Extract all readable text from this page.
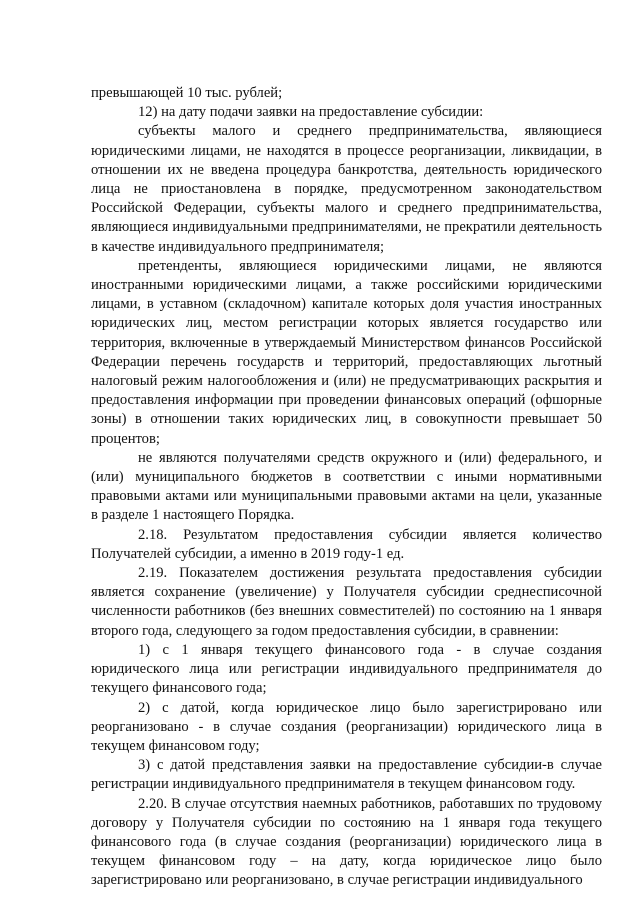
превышающей 10 тыс. рублей;

12) на дату подачи заявки на предоставление субсидии:

субъекты малого и среднего предпринимательства, являющиеся юридическими лицами, не находятся в процессе реорганизации, ликвидации, в отношении их не введена процедура банкротства, деятельность юридического лица не приостановлена в порядке, предусмотренном законодательством Российской Федерации, субъекты малого и среднего предпринимательства, являющиеся индивидуальными предпринимателями, не прекратили деятельность в качестве индивидуального предпринимателя;

претенденты, являющиеся юридическими лицами, не являются иностранными юридическими лицами, а также российскими юридическими лицами, в уставном (складочном) капитале которых доля участия иностранных юридических лиц, местом регистрации которых является государство или территория, включенные в утверждаемый Министерством финансов Российской Федерации перечень государств и территорий, предоставляющих льготный налоговый режим налогообложения и (или) не предусматривающих раскрытия и предоставления информации при проведении финансовых операций (офшорные зоны) в отношении таких юридических лиц, в совокупности превышает 50 процентов;

не являются получателями средств окружного и (или) федерального, и (или) муниципального бюджетов в соответствии с иными нормативными правовыми актами или муниципальными правовыми актами на цели, указанные в разделе 1 настоящего Порядка.

2.18. Результатом предоставления субсидии является количество Получателей субсидии, а именно в 2019 году-1 ед.

2.19. Показателем достижения результата предоставления субсидии является сохранение (увеличение) у Получателя субсидии среднесписочной численности работников (без внешних совместителей) по состоянию на 1 января второго года, следующего за годом предоставления субсидии, в сравнении:

1) с 1 января текущего финансового года - в случае создания юридического лица или регистрации индивидуального предпринимателя до текущего финансового года;

2) с датой, когда юридическое лицо было зарегистрировано или реорганизовано - в случае создания (реорганизации) юридического лица в текущем финансовом году;

3) с датой представления заявки на предоставление субсидии-в случае регистрации индивидуального предпринимателя в текущем финансовом году.

2.20. В случае отсутствия наемных работников, работавших по трудовому договору у Получателя субсидии по состоянию на 1 января года текущего финансового года (в случае создания (реорганизации) юридического лица в текущем финансовом году – на дату, когда юридическое лицо было зарегистрировано или реорганизовано, в случае регистрации индивидуального
